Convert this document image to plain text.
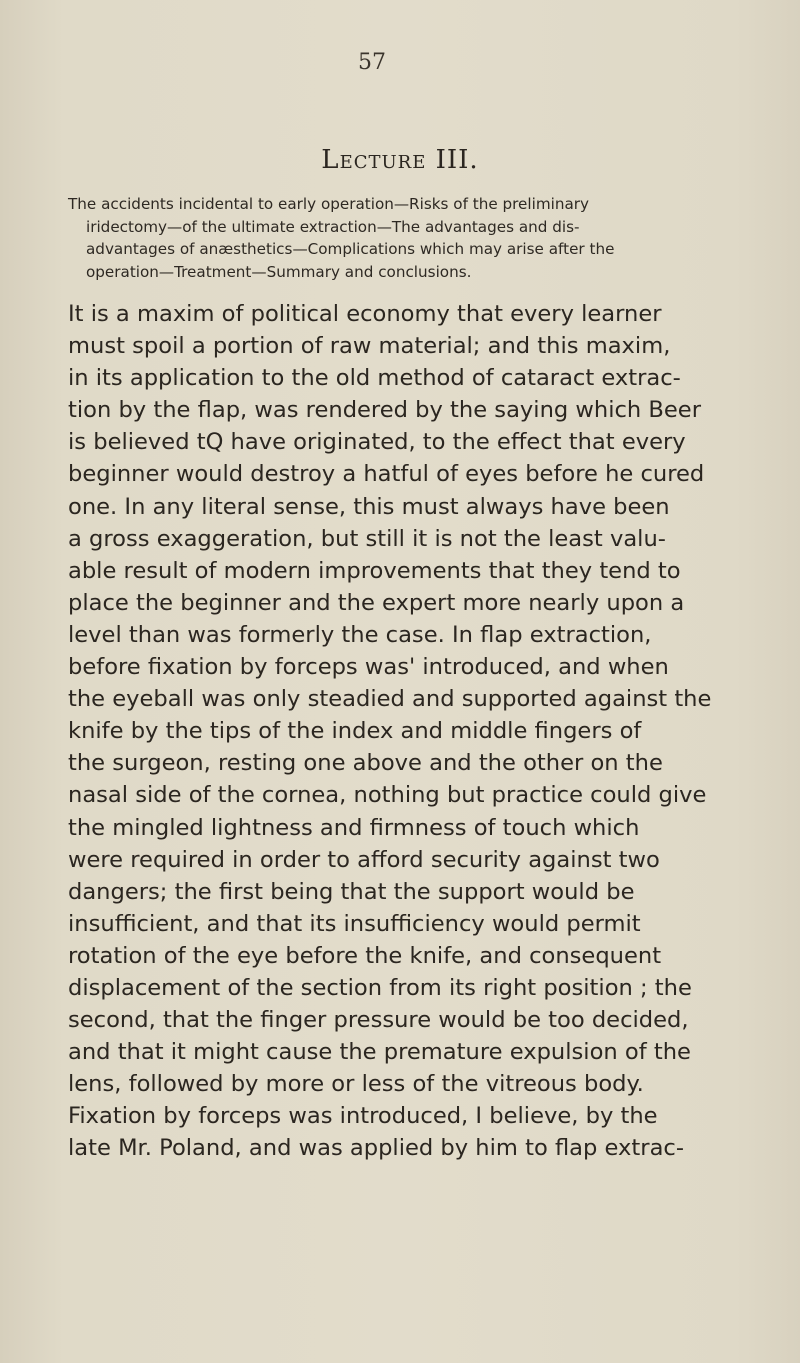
57
Lecture III.
The accidents incidental to early operation—Risks of the preliminary
iridectomy—of the ultimate extraction—The advantages and dis-
advantages of anæsthetics—Complications which may arise after the
operation—Treatment—Summary and conclusions.
It is a maxim of political economy that every learner
must spoil a portion of raw material; and this maxim,
in its application to the old method of cataract extrac-
tion by the flap, was rendered by the saying which Beer
is believed tQ have originated, to the effect that every
beginner would destroy a hatful of eyes before he cured
one. In any literal sense, this must always have been
a gross exaggeration, but still it is not the least valu-
able result of modern improvements that they tend to
place the beginner and the expert more nearly upon a
level than was formerly the case. In flap extraction,
before fixation by forceps was' introduced, and when
the eyeball was only steadied and supported against the
knife by the tips of the index and middle fingers of
the surgeon, resting one above and the other on the
nasal side of the cornea, nothing but practice could give
the mingled lightness and firmness of touch which
were required in order to afford security against two
dangers; the first being that the support would be
insufficient, and that its insufficiency would permit
rotation of the eye before the knife, and consequent
displacement of the section from its right position ; the
second, that the finger pressure would be too decided,
and that it might cause the premature expulsion of the
lens, followed by more or less of the vitreous body.
Fixation by forceps was introduced, I believe, by the
late Mr. Poland, and was applied by him to flap extrac-
